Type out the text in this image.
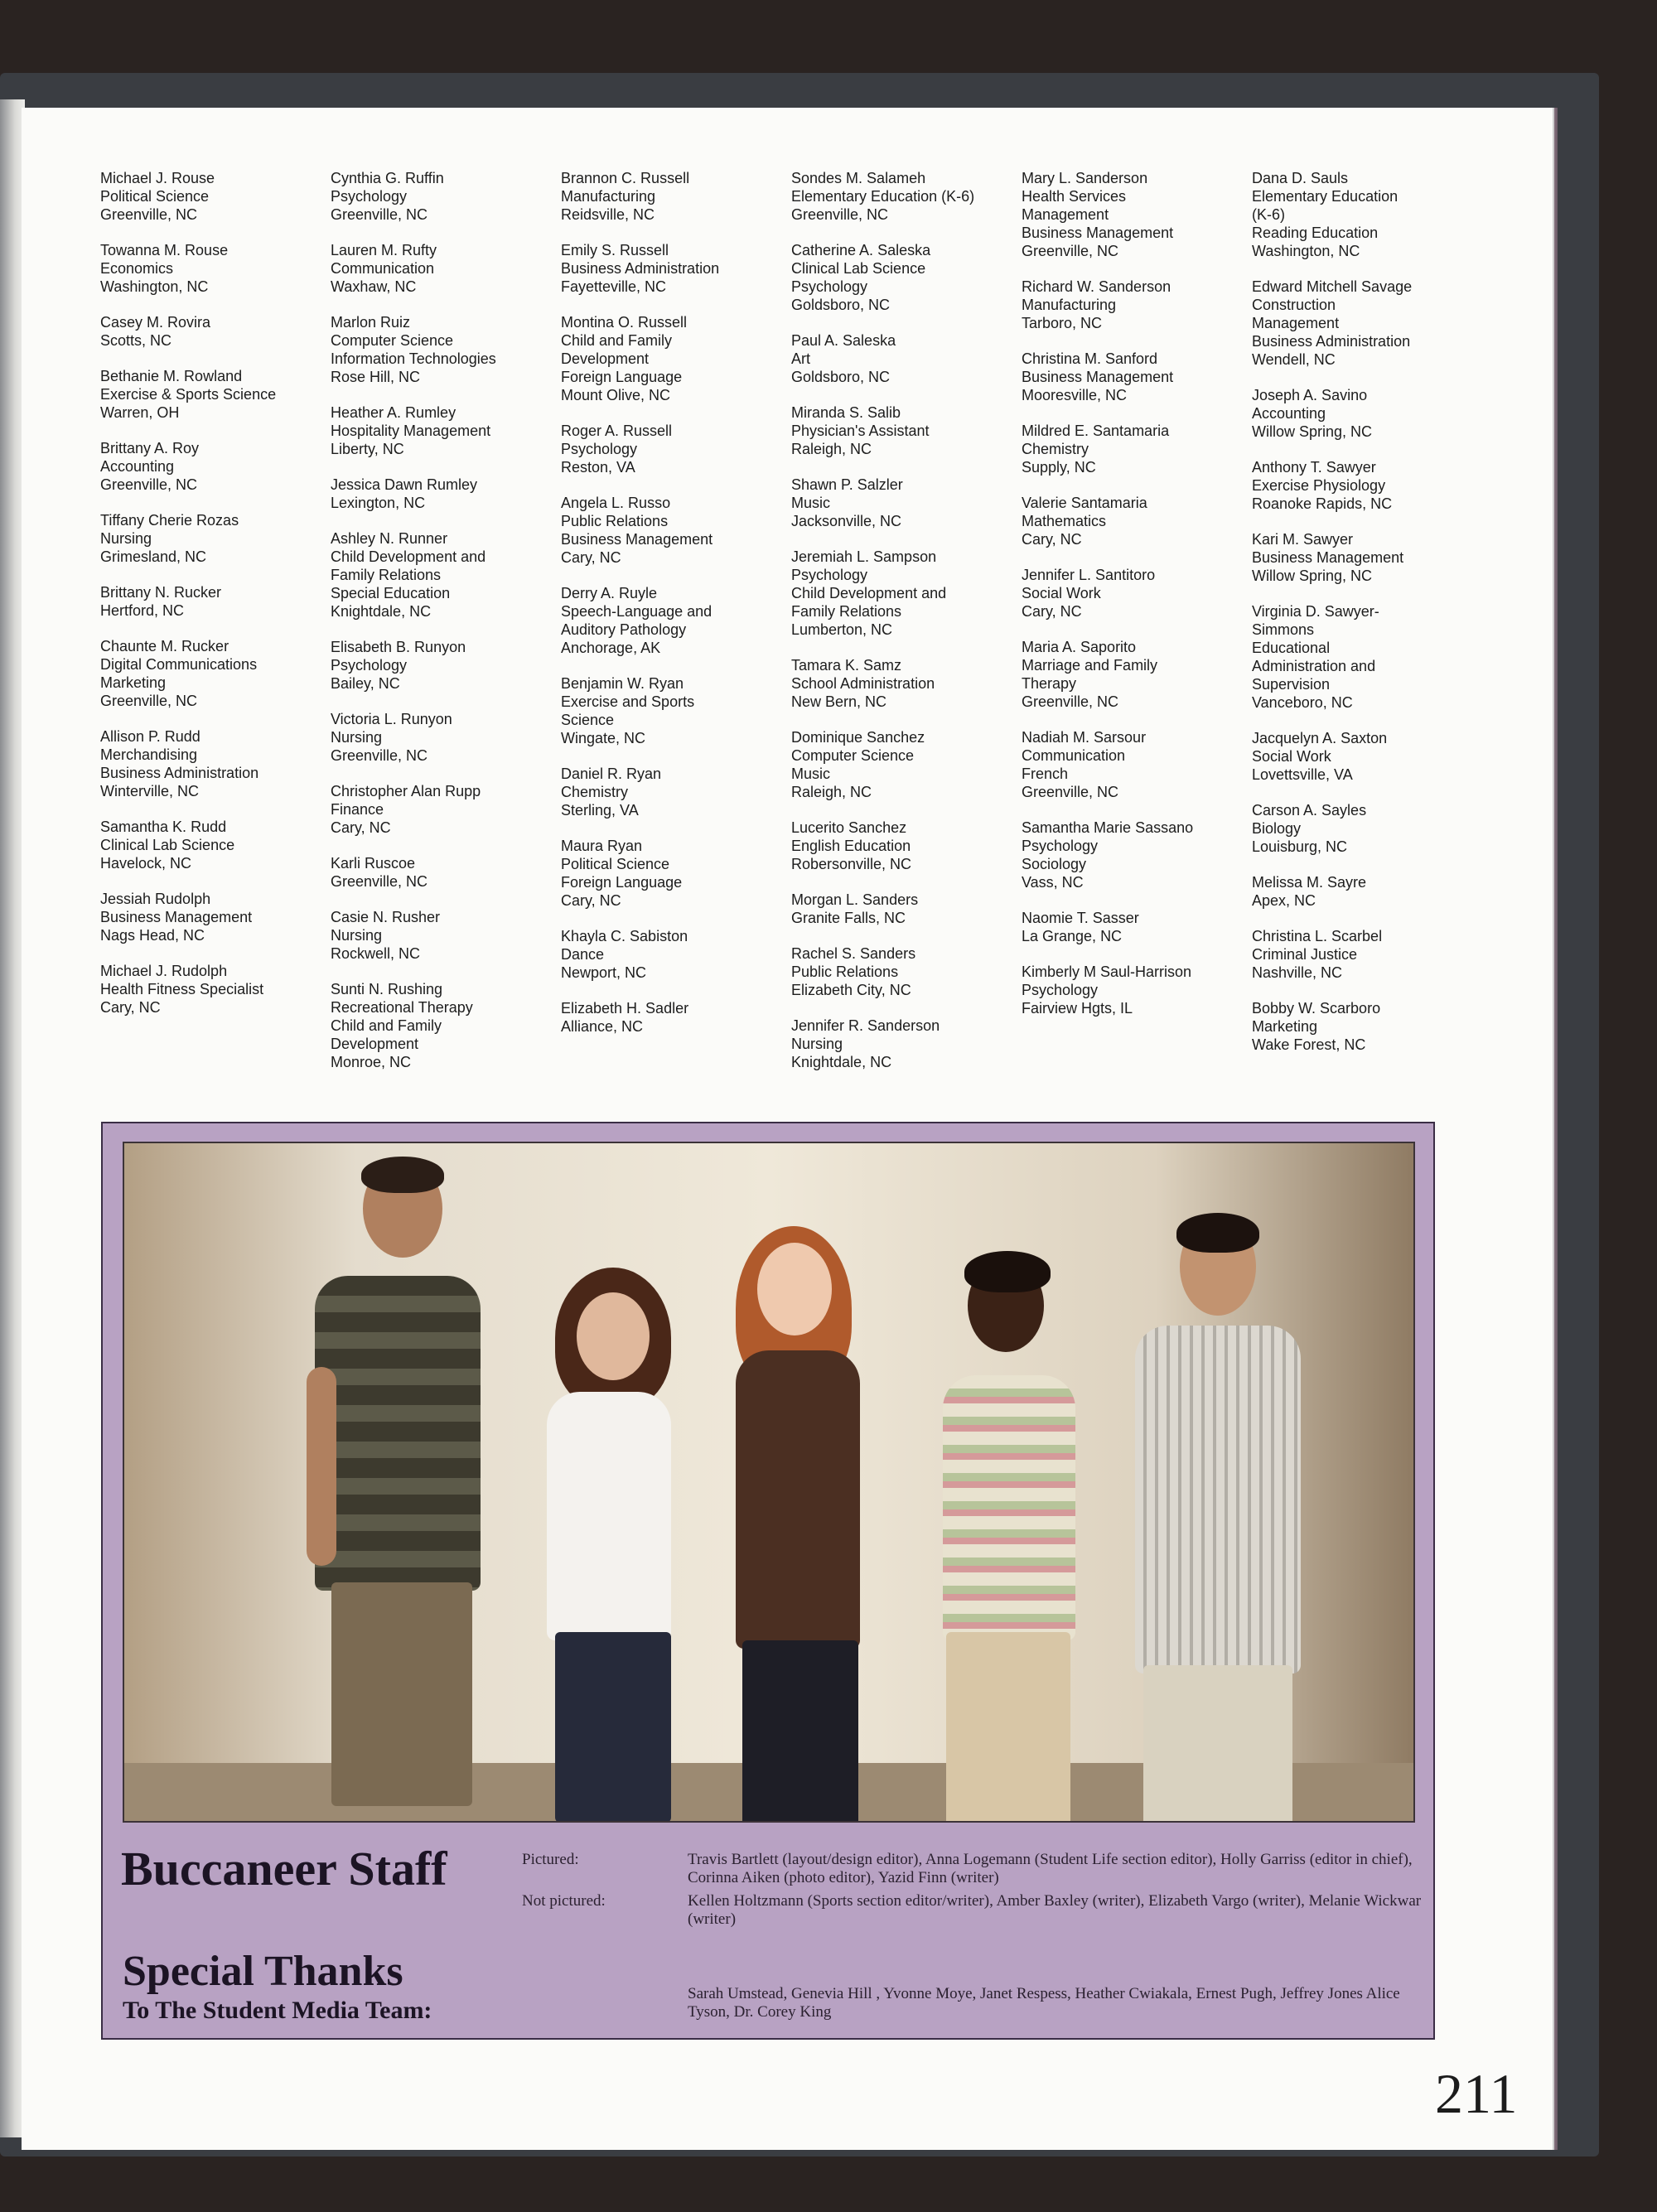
Michael J. Rouse
Political Science
Greenville, NC
Towanna M. Rouse
Economics
Washington, NC
Casey M. Rovira
Scotts, NC
Bethanie M. Rowland
Exercise & Sports Science
Warren, OH
Brittany A. Roy
Accounting
Greenville, NC
Tiffany Cherie Rozas
Nursing
Grimesland, NC
Brittany N. Rucker
Hertford, NC
Chaunte M. Rucker
Digital Communications
Marketing
Greenville, NC
Allison P. Rudd
Merchandising
Business Administration
Winterville, NC
Samantha K. Rudd
Clinical Lab Science
Havelock, NC
Jessiah Rudolph
Business Management
Nags Head, NC
Michael J. Rudolph
Health Fitness Specialist
Cary, NC
Cynthia G. Ruffin
Psychology
Greenville, NC
Lauren M. Rufty
Communication
Waxhaw, NC
Marlon Ruiz
Computer Science
Information Technologies
Rose Hill, NC
Heather A. Rumley
Hospitality Management
Liberty, NC
Jessica Dawn Rumley
Lexington, NC
Ashley N. Runner
Child Development and
Family Relations
Special Education
Knightdale, NC
Elisabeth B. Runyon
Psychology
Bailey, NC
Victoria L. Runyon
Nursing
Greenville, NC
Christopher Alan Rupp
Finance
Cary, NC
Karli Ruscoe
Greenville, NC
Casie N. Rusher
Nursing
Rockwell, NC
Sunti N. Rushing
Recreational Therapy
Child and Family
Development
Monroe, NC
Brannon C. Russell
Manufacturing
Reidsville, NC
Emily S. Russell
Business Administration
Fayetteville, NC
Montina O. Russell
Child and Family
Development
Foreign Language
Mount Olive, NC
Roger A. Russell
Psychology
Reston, VA
Angela L. Russo
Public Relations
Business Management
Cary, NC
Derry A. Ruyle
Speech-Language and
Auditory Pathology
Anchorage, AK
Benjamin W. Ryan
Exercise and Sports
Science
Wingate, NC
Daniel R. Ryan
Chemistry
Sterling, VA
Maura Ryan
Political Science
Foreign Language
Cary, NC
Khayla C. Sabiston
Dance
Newport, NC
Elizabeth H. Sadler
Alliance, NC
Sondes M. Salameh
Elementary Education (K-6)
Greenville, NC
Catherine A. Saleska
Clinical Lab Science
Psychology
Goldsboro, NC
Paul A. Saleska
Art
Goldsboro, NC
Miranda S. Salib
Physician's Assistant
Raleigh, NC
Shawn P. Salzler
Music
Jacksonville, NC
Jeremiah L. Sampson
Psychology
Child Development and
Family Relations
Lumberton, NC
Tamara K. Samz
School Administration
New Bern, NC
Dominique Sanchez
Computer Science
Music
Raleigh, NC
Lucerito Sanchez
English Education
Robersonville, NC
Morgan L. Sanders
Granite Falls, NC
Rachel S. Sanders
Public Relations
Elizabeth City, NC
Jennifer R. Sanderson
Nursing
Knightdale, NC
Mary L. Sanderson
Health Services
Management
Business Management
Greenville, NC
Richard W. Sanderson
Manufacturing
Tarboro, NC
Christina M. Sanford
Business Management
Mooresville, NC
Mildred E. Santamaria
Chemistry
Supply, NC
Valerie Santamaria
Mathematics
Cary, NC
Jennifer L. Santitoro
Social Work
Cary, NC
Maria A. Saporito
Marriage and Family
Therapy
Greenville, NC
Nadiah M. Sarsour
Communication
French
Greenville, NC
Samantha Marie Sassano
Psychology
Sociology
Vass, NC
Naomie T. Sasser
La Grange, NC
Kimberly M Saul-Harrison
Psychology
Fairview Hgts, IL
Dana D. Sauls
Elementary Education
(K-6)
Reading Education
Washington, NC
Edward Mitchell Savage
Construction
Management
Business Administration
Wendell, NC
Joseph A. Savino
Accounting
Willow Spring, NC
Anthony T. Sawyer
Exercise Physiology
Roanoke Rapids, NC
Kari M. Sawyer
Business Management
Willow Spring, NC
Virginia D. Sawyer-
Simmons
Educational
Administration and
Supervision
Vanceboro, NC
Jacquelyn A. Saxton
Social Work
Lovettsville, VA
Carson A. Sayles
Biology
Louisburg, NC
Melissa M. Sayre
Apex, NC
Christina L. Scarbel
Criminal Justice
Nashville, NC
Bobby W. Scarboro
Marketing
Wake Forest, NC
Buccaneer Staff	Pictured:	Travis Bartlett (layout/design editor), Anna Logemann (Student Life section editor), Holly Garriss (editor in chief), Corinna Aiken (photo editor), Yazid Finn (writer)
Not pictured:	Kellen Holtzmann (Sports section editor/writer), Amber Baxley (writer), Elizabeth Vargo (writer), Melanie Wickwar (writer)
Special Thanks
To The Student Media Team:
Sarah Umstead, Genevia Hill , Yvonne Moye, Janet Respess, Heather Cwiakala, Ernest Pugh, Jeffrey Jones Alice Tyson, Dr. Corey King
211
